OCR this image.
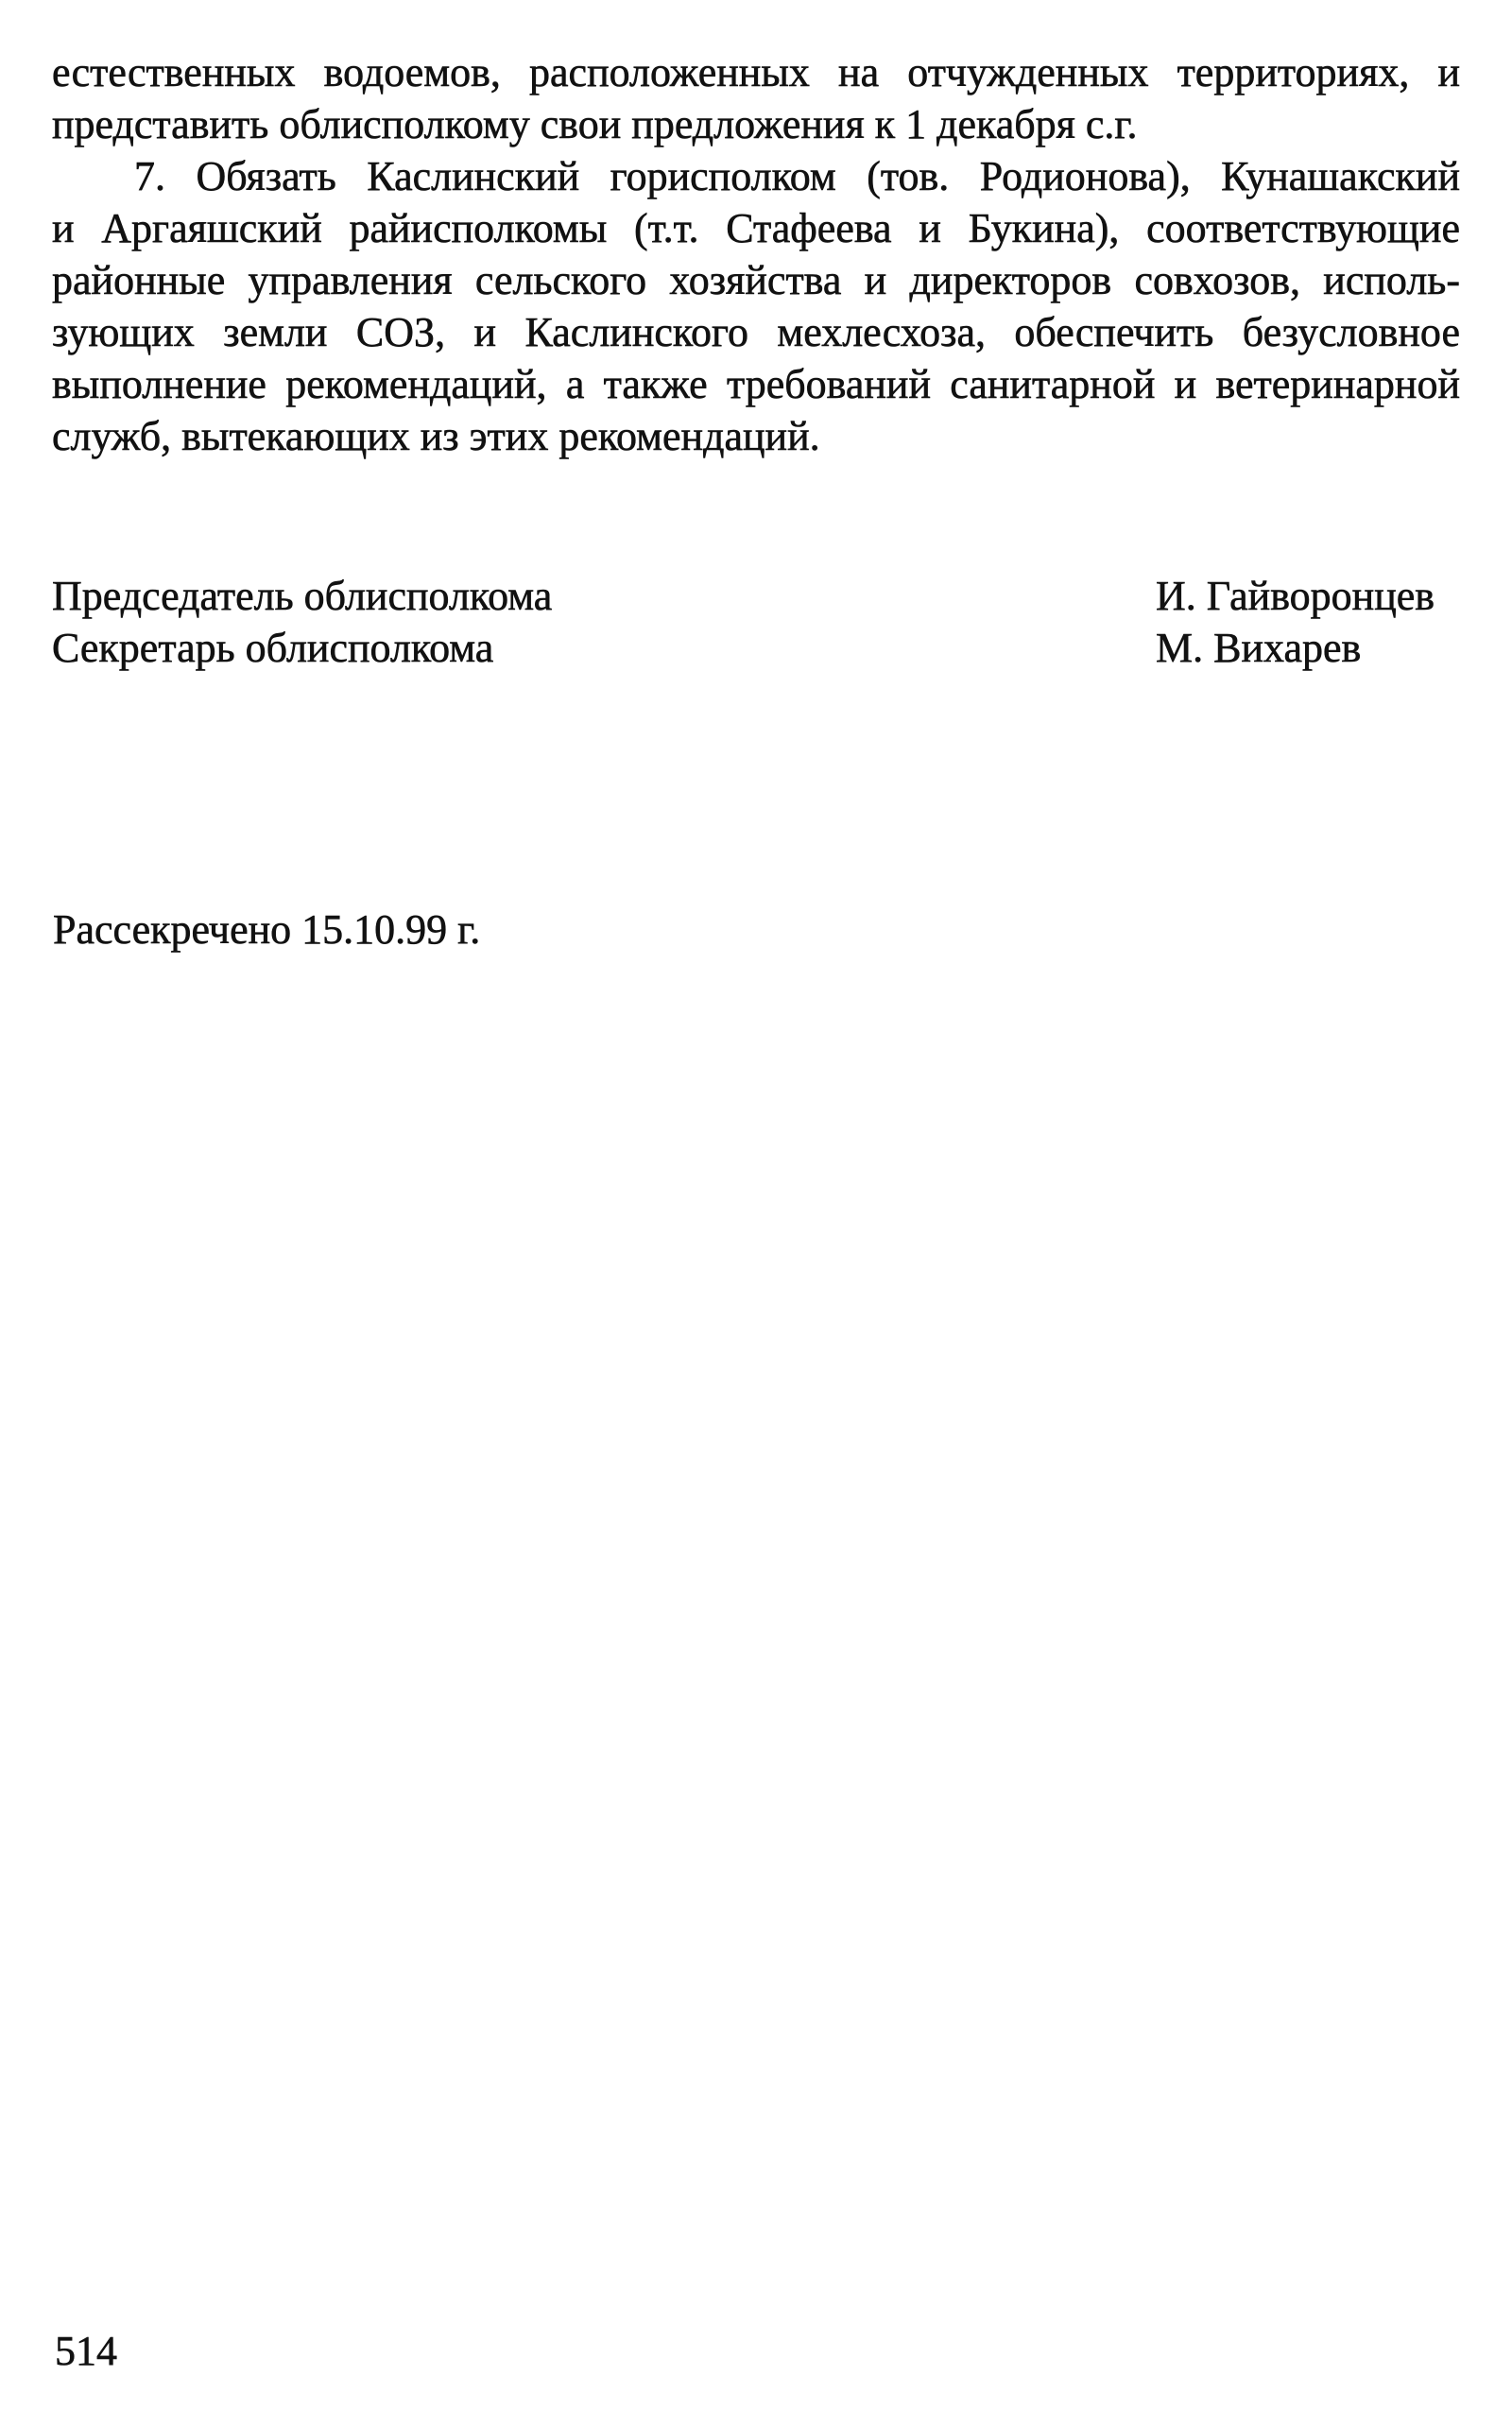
естественных водоемов, расположенных на отчужденных территориях, и

представить облисполкому свои предложения к 1 декабря с.г.

7. Обязать Каслинский горисполком (тов. Родионова), Кунашакский

и Аргаяшский райисполкомы (т.т. Стафеева и Букина), соответствующие

районные управления сельского хозяйства и директоров совхозов, исполь-

зующих земли СОЗ, и Каслинского мехлесхоза, обеспечить безусловное

выполнение рекомендаций, а также требований санитарной и ветеринарной

служб, вытекающих из этих рекомендаций.

Председатель облисполкома	И. Гайворонцев
Секретарь облисполкома	М. Вихарев
Рассекречено 15.10.99 г.
514
